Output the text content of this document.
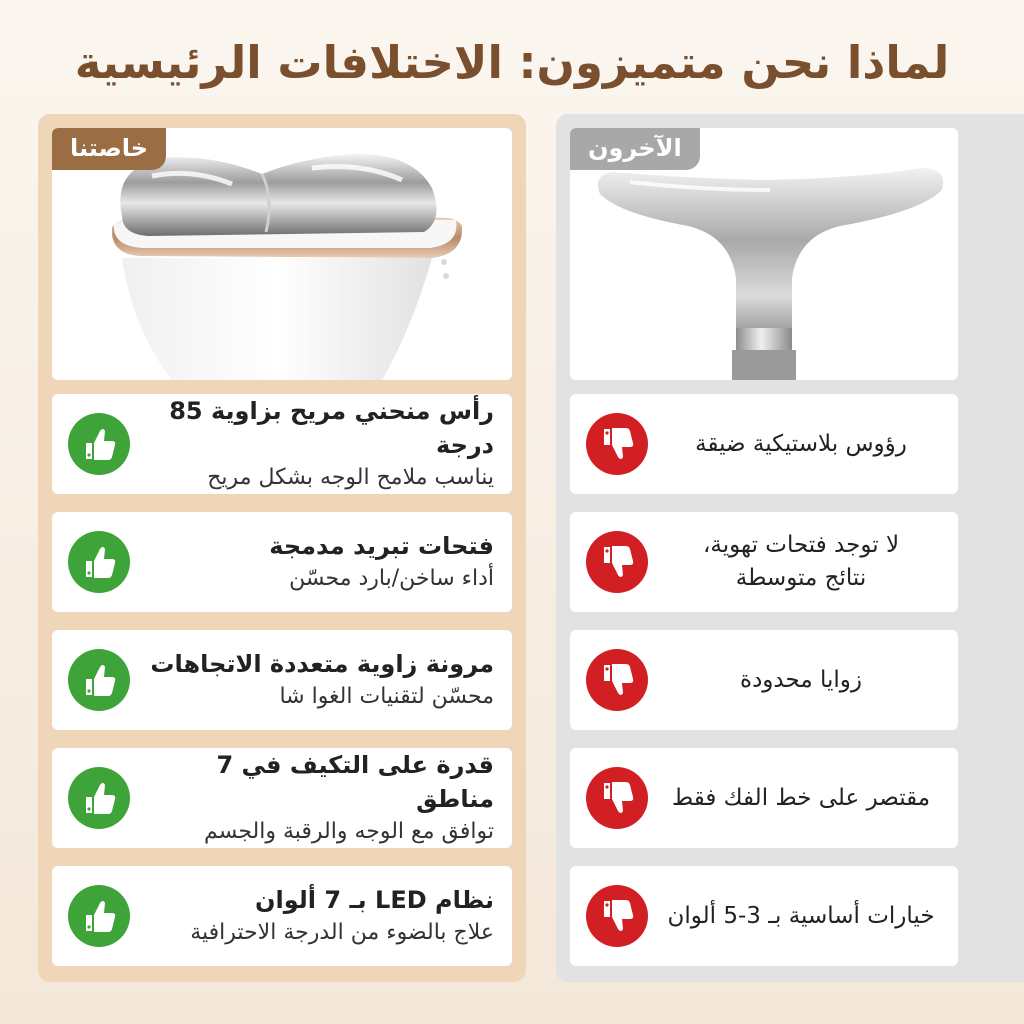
لماذا نحن متميزون: الاختلافات الرئيسية
خاصتنا
رأس منحني مريح بزاوية 85 درجة
يناسب ملامح الوجه بشكل مريح
فتحات تبريد مدمجة
أداء ساخن/بارد محسّن
مرونة زاوية متعددة الاتجاهات
محسّن لتقنيات الغوا شا
قدرة على التكيف في 7 مناطق
توافق مع الوجه والرقبة والجسم
نظام LED بـ 7 ألوان
علاج بالضوء من الدرجة الاحترافية
الآخرون
رؤوس بلاستيكية ضيقة
لا توجد فتحات تهوية،
نتائج متوسطة
زوايا محدودة
مقتصر على خط الفك فقط
خيارات أساسية بـ 3-5 ألوان
